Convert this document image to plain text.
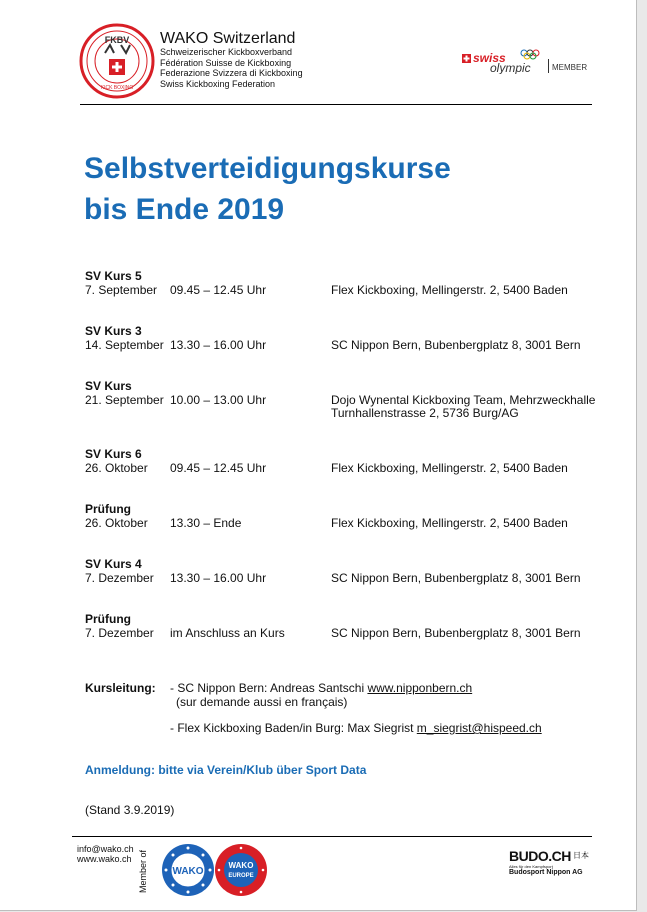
FKBV
KICK BOXING
WAKO Switzerland
Schweizerischer Kickboxverband
Fédération Suisse de Kickboxing
Federazione Svizzera di Kickboxing
Swiss Kickboxing Federation
swiss
olympic	MEMBER
Selbstverteidigungskurse
bis Ende 2019
SV Kurs 5
7. September	09.45 – 12.45 Uhr	Flex Kickboxing, Mellingerstr. 2, 5400 Baden
SV Kurs 3
14. September 13.30 – 16.00 Uhr	SC Nippon Bern, Bubenbergplatz 8, 3001 Bern
SV Kurs
21. September 10.00 – 13.00 Uhr	Dojo Wynental Kickboxing Team, Mehrzweckhalle
Turnhallenstrasse 2, 5736 Burg/AG
SV Kurs 6
26. Oktober 09.45 – 12.45 Uhr	Flex Kickboxing, Mellingerstr. 2, 5400 Baden
Prüfung
26. Oktober 13.30 – Ende	Flex Kickboxing, Mellingerstr. 2, 5400 Baden
SV Kurs 4
7. Dezember 13.30 – 16.00 Uhr	SC Nippon Bern, Bubenbergplatz 8, 3001 Bern
Prüfung
7. Dezember im Anschluss an Kurs	SC Nippon Bern, Bubenbergplatz 8, 3001 Bern
Kursleitung: - SC Nippon Bern: Andreas Santschi www.nipponbern.ch
(sur demande aussi en français)
- Flex Kickboxing Baden/in Burg: Max Siegrist m_siegrist@hispeed.ch
Anmeldung: bitte via Verein/Klub über Sport Data
(Stand 3.9.2019)
info@wako.ch
www.wako.ch Member of WAKO
WAKO
EUROPE
BUDO.CH 日本
Alles für den Kampfsport
Budosport Nippon AG
